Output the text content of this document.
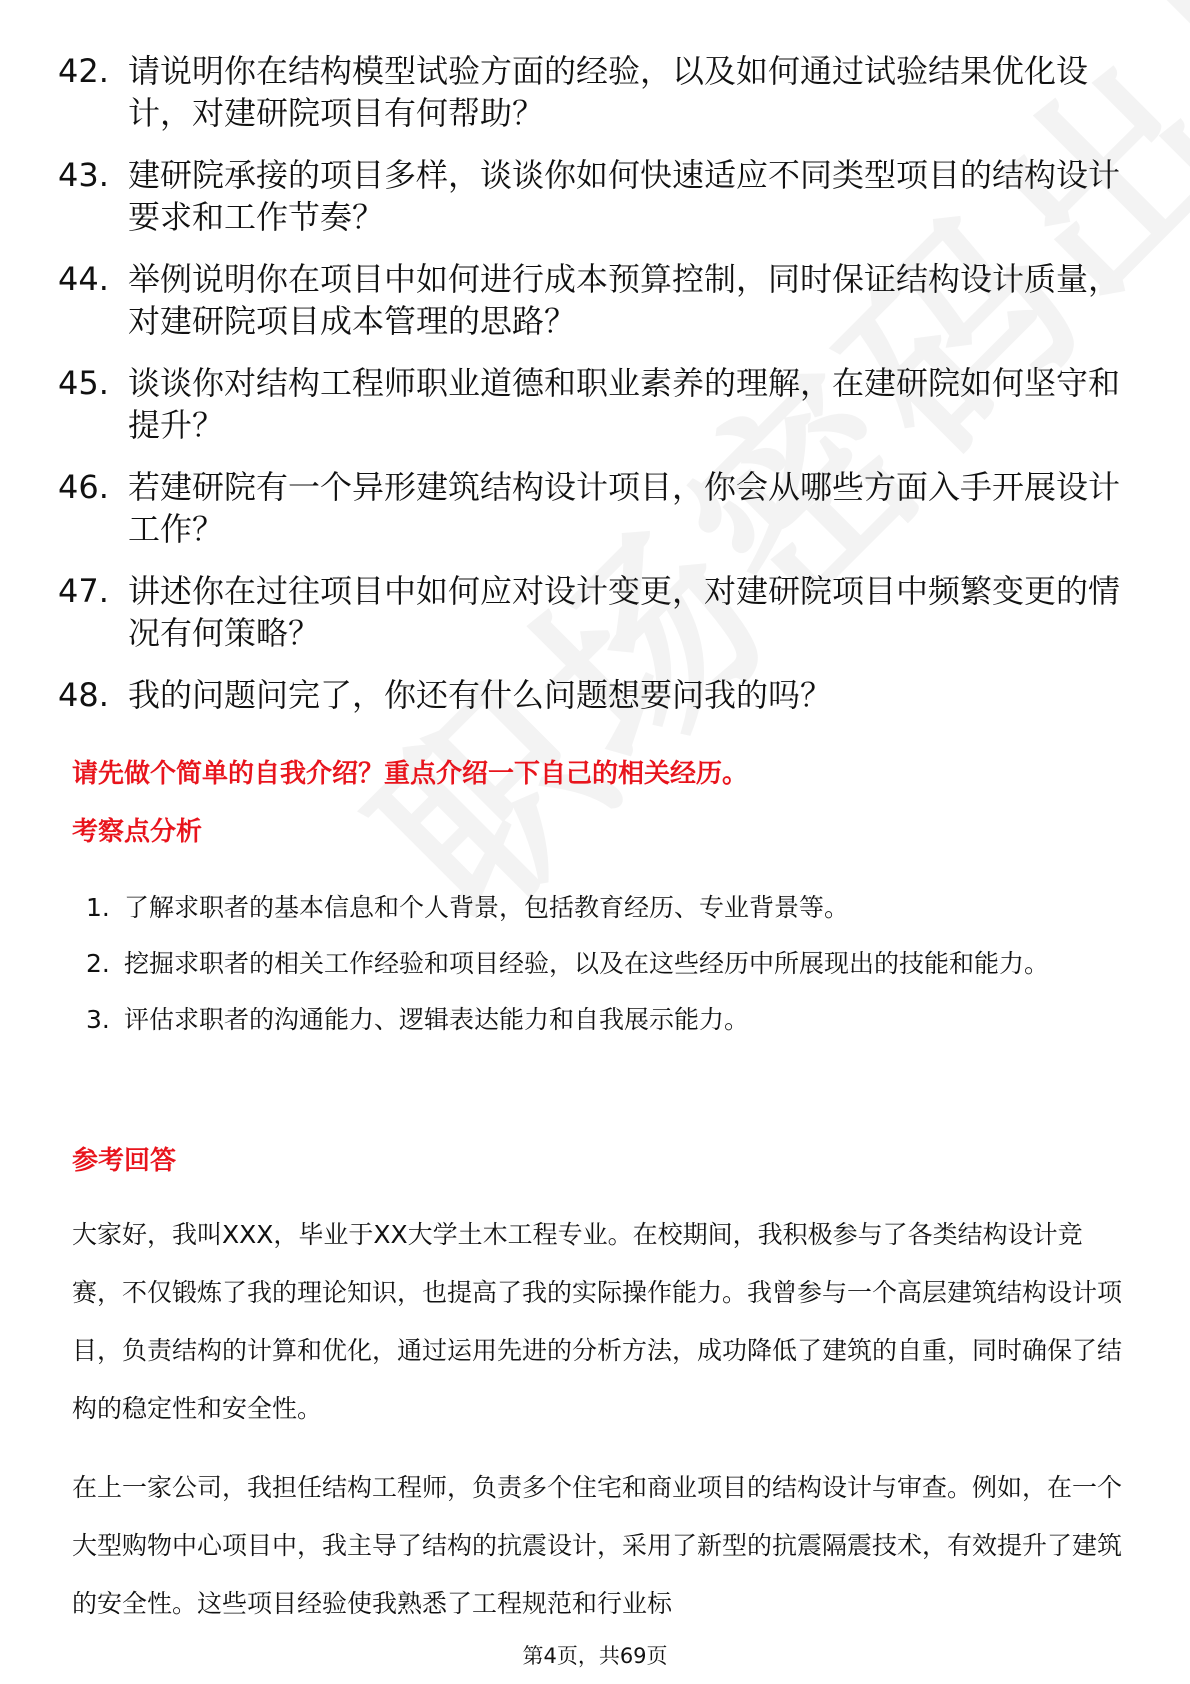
42. 请说明你在结构模型试验方面的经验，以及如何通过试验结果优化设计，对建研院项目有何帮助？
43. 建研院承接的项目多样，谈谈你如何快速适应不同类型项目的结构设计要求和工作节奏？
44. 举例说明你在项目中如何进行成本预算控制，同时保证结构设计质量，对建研院项目成本管理的思路？
45. 谈谈你对结构工程师职业道德和职业素养的理解，在建研院如何坚守和提升？
46. 若建研院有一个异形建筑结构设计项目，你会从哪些方面入手开展设计工作？
47. 讲述你在过往项目中如何应对设计变更，对建研院项目中频繁变更的情况有何策略？
48. 我的问题问完了，你还有什么问题想要问我的吗？
请先做个简单的自我介绍？重点介绍一下自己的相关经历。
考察点分析
1. 了解求职者的基本信息和个人背景，包括教育经历、专业背景等。
2. 挖掘求职者的相关工作经验和项目经验，以及在这些经历中所展现出的技能和能力。
3. 评估求职者的沟通能力、逻辑表达能力和自我展示能力。
参考回答

大家好，我叫XXX，毕业于XX大学土木工程专业。在校期间，我积极参与了各类结构设计竞赛，不仅锻炼了我的理论知识，也提高了我的实际操作能力。我曾参与一个高层建筑结构设计项目，负责结构的计算和优化，通过运用先进的分析方法，成功降低了建筑的自重，同时确保了结构的稳定性和安全性。

在上一家公司，我担任结构工程师，负责多个住宅和商业项目的结构设计与审查。例如，在一个大型购物中心项目中，我主导了结构的抗震设计，采用了新型的抗震隔震技术，有效提升了建筑的安全性。这些项目经验使我熟悉了工程规范和行业标

第4页，共69页
